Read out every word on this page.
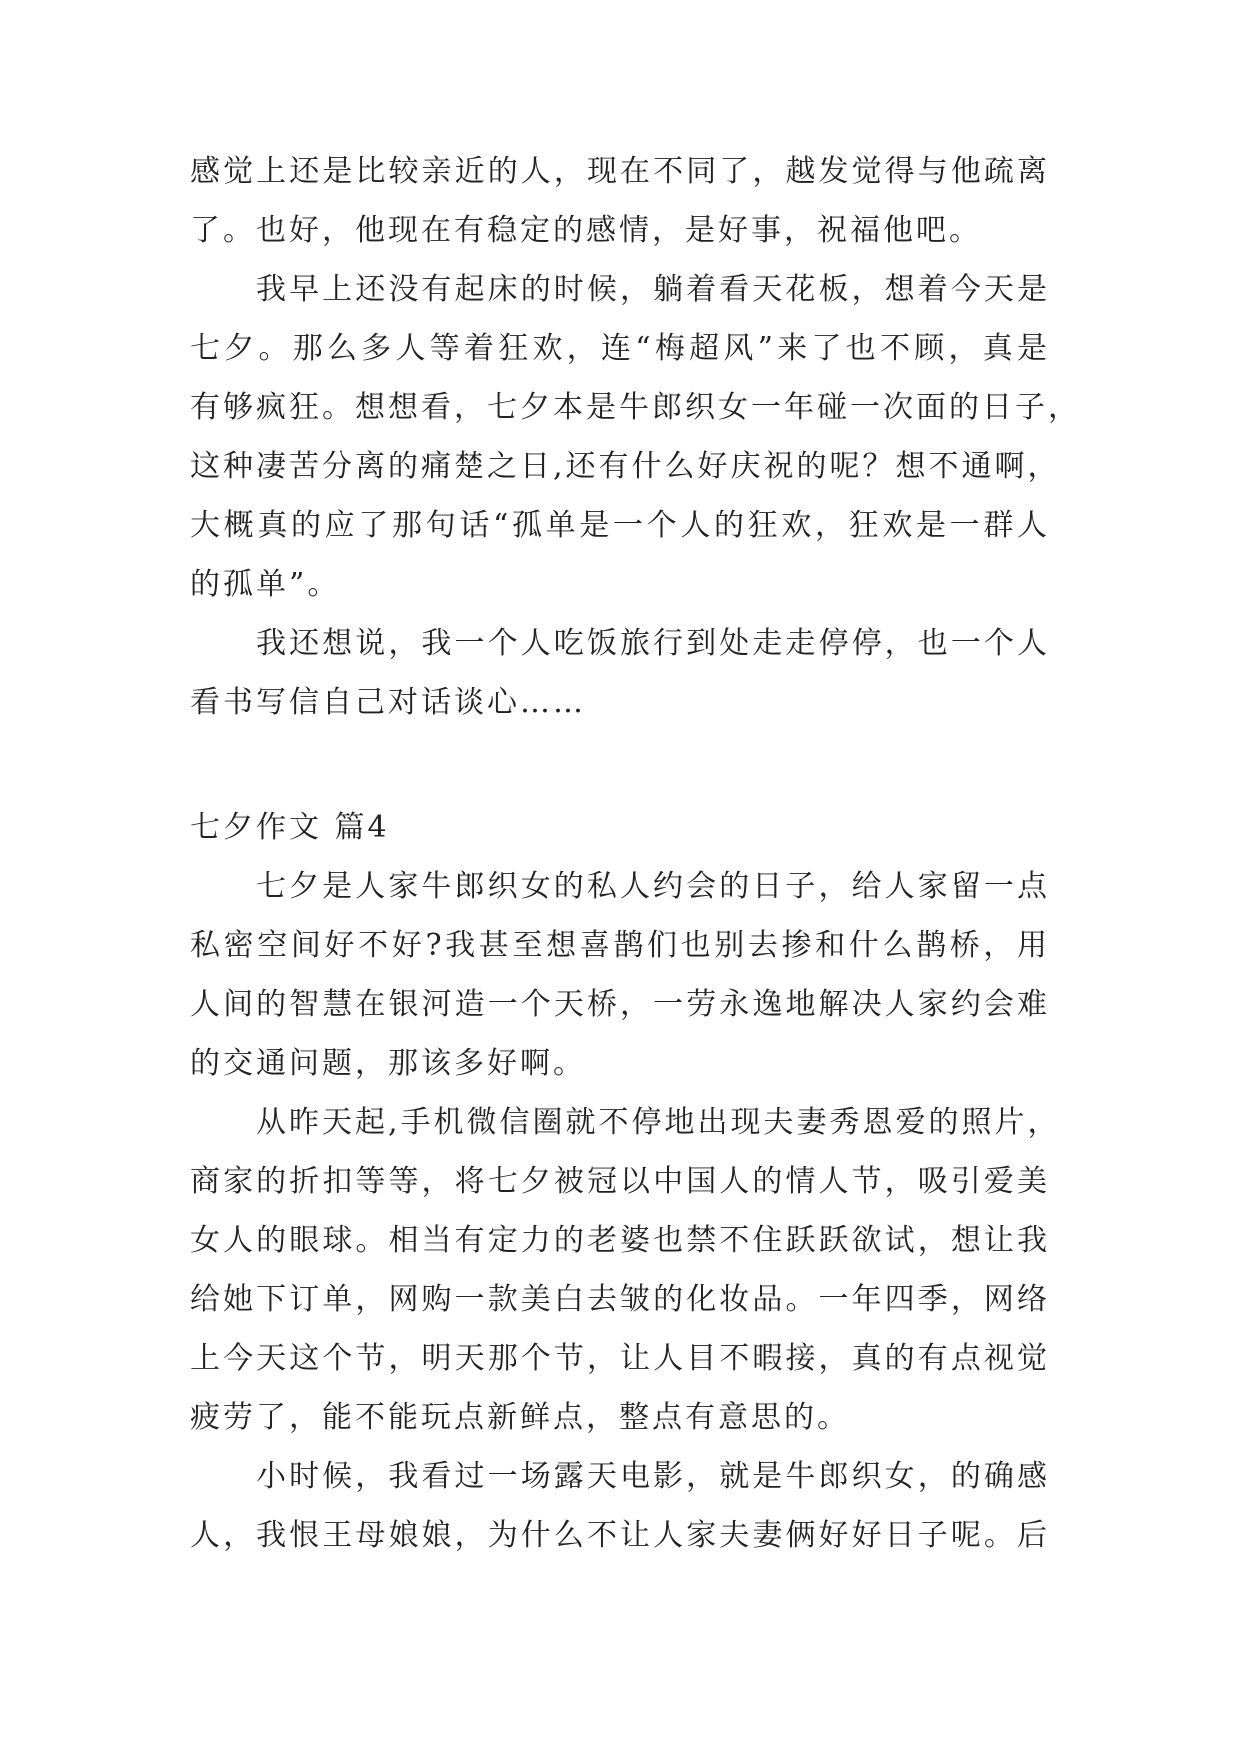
感觉上还是比较亲近的人，现在不同了，越发觉得与他疏离
了。也好，他现在有稳定的感情，是好事，祝福他吧。
我早上还没有起床的时候，躺着看天花板，想着今天是
七夕。那么多人等着狂欢，连“梅超风”来了也不顾，真是
有够疯狂。想想看，七夕本是牛郎织女一年碰一次面的日子，
这种凄苦分离的痛楚之日,还有什么好庆祝的呢？想不通啊，
大概真的应了那句话“孤单是一个人的狂欢，狂欢是一群人
的孤单”。
我还想说，我一个人吃饭旅行到处走走停停，也一个人
看书写信自己对话谈心……
七夕作文 篇4
七夕是人家牛郎织女的私人约会的日子，给人家留一点
私密空间好不好?我甚至想喜鹊们也别去掺和什么鹊桥，用
人间的智慧在银河造一个天桥，一劳永逸地解决人家约会难
的交通问题，那该多好啊。
从昨天起,手机微信圈就不停地出现夫妻秀恩爱的照片，
商家的折扣等等，将七夕被冠以中国人的情人节，吸引爱美
女人的眼球。相当有定力的老婆也禁不住跃跃欲试，想让我
给她下订单，网购一款美白去皱的化妆品。一年四季，网络
上今天这个节，明天那个节，让人目不暇接，真的有点视觉
疲劳了，能不能玩点新鲜点，整点有意思的。
小时候，我看过一场露天电影，就是牛郎织女，的确感
人，我恨王母娘娘，为什么不让人家夫妻俩好好日子呢。后
